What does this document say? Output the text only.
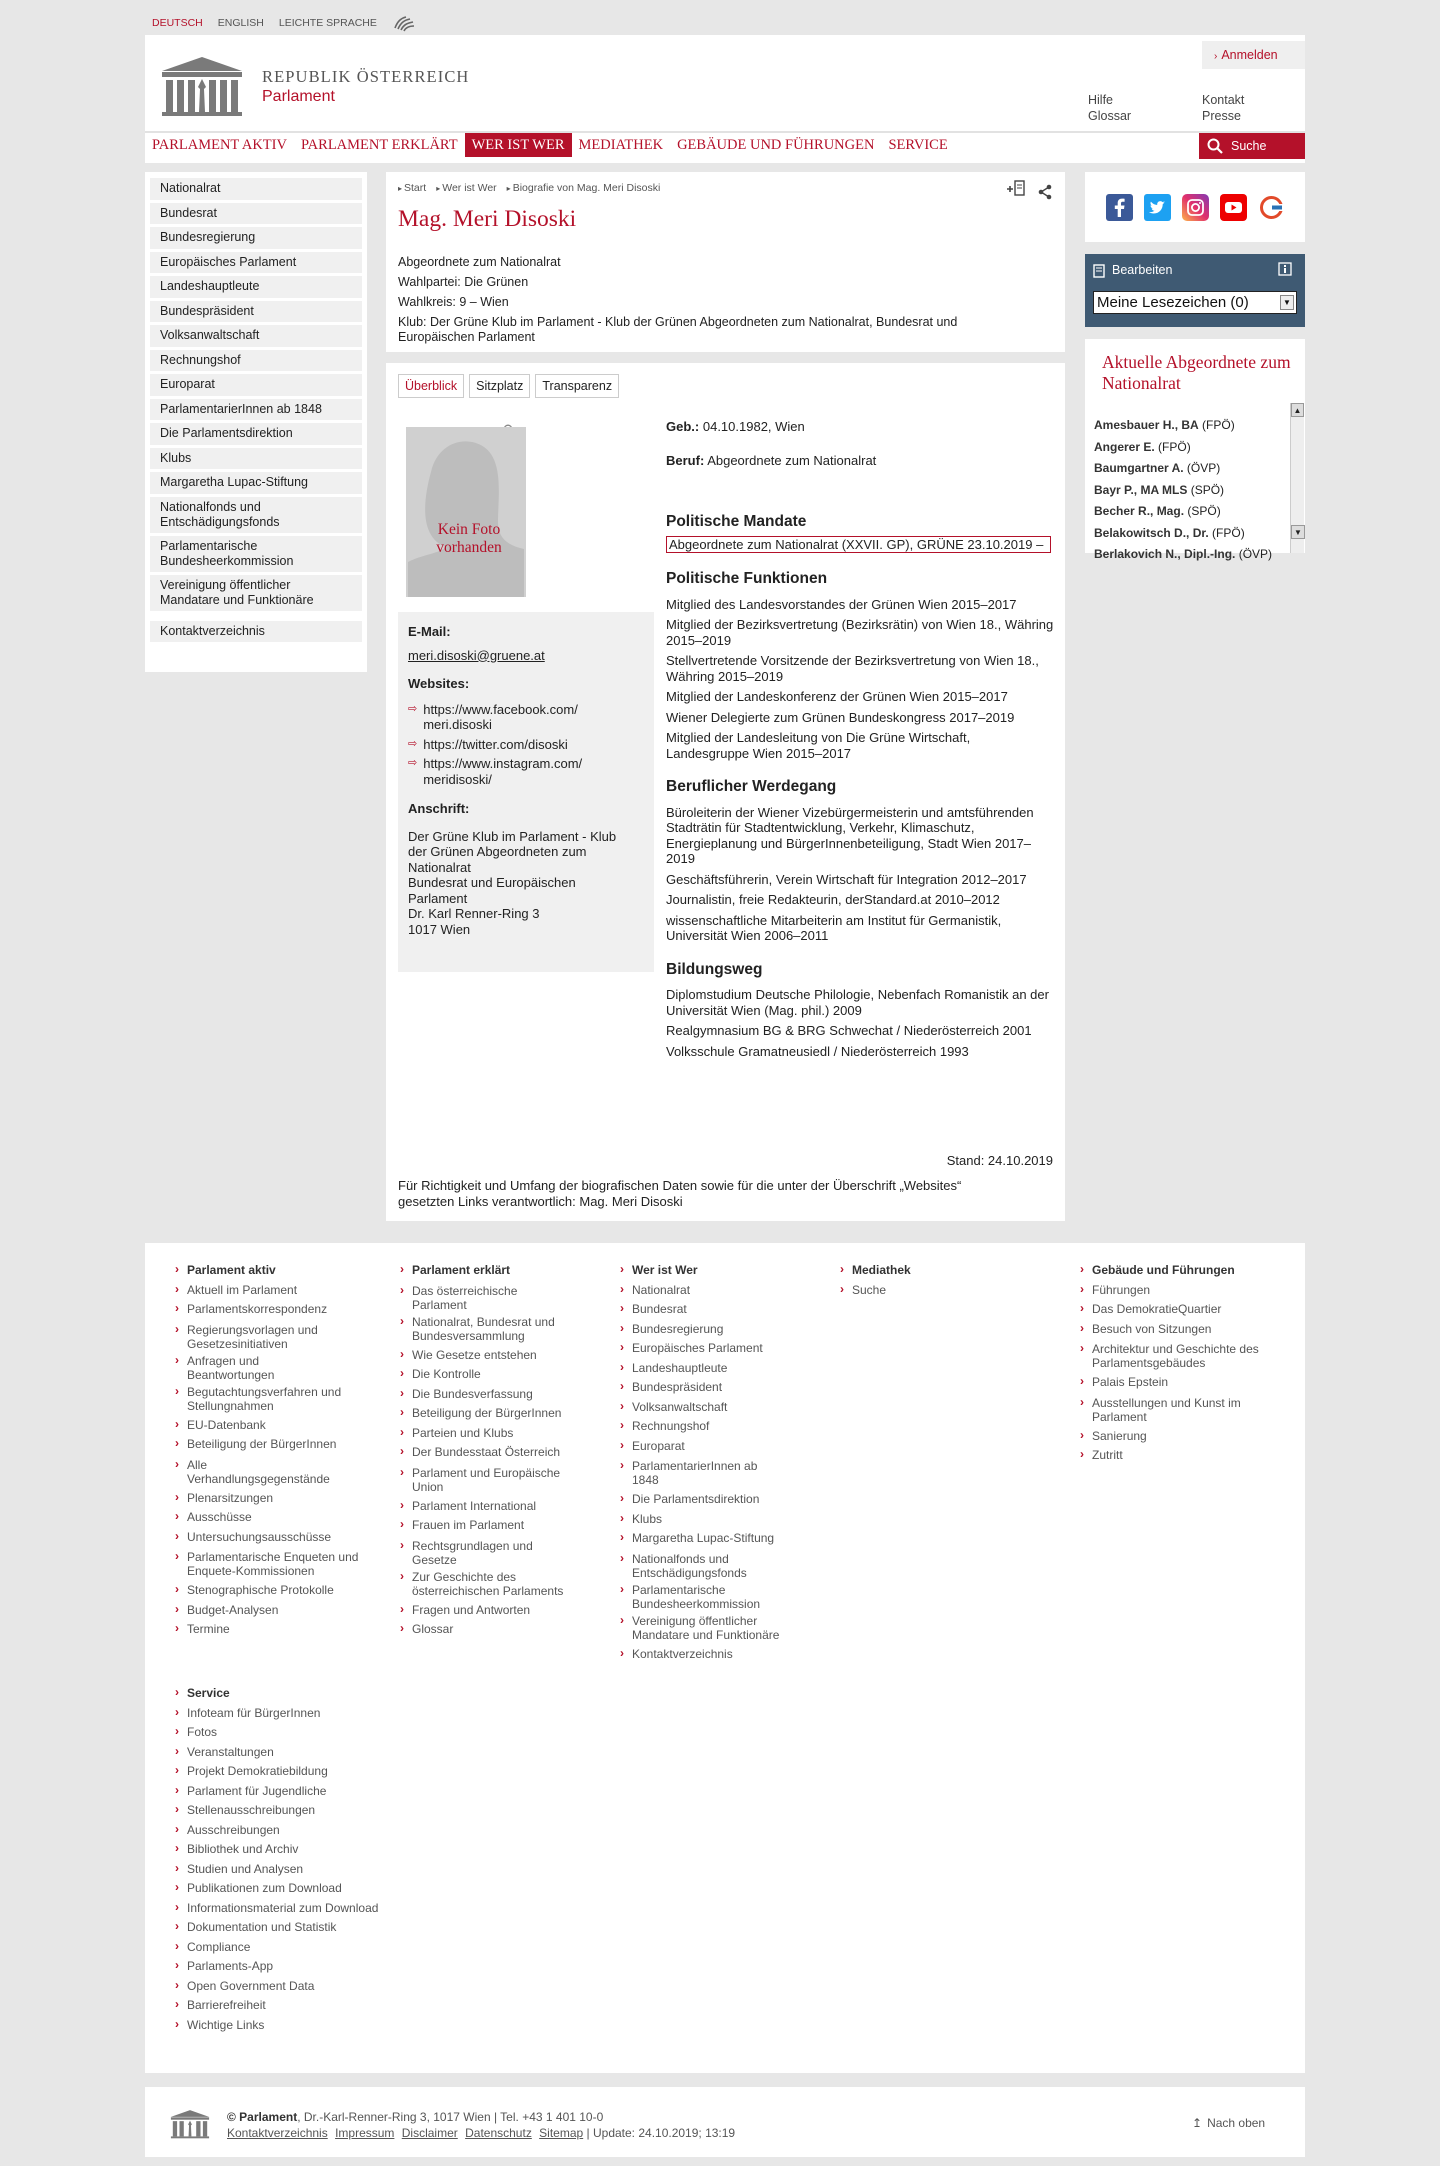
DEUTSCH ENGLISH LEICHTE SPRACHE
REPUBLIK ÖSTERREICH
Parlament
› Anmelden
Hilfe
Glossar
Kontakt
Presse
PARLAMENT AKTIV PARLAMENT ERKLÄRT WER IST WER MEDIATHEK GEBÄUDE UND FÜHRUNGEN SERVICE	Suche
Nationalrat
Bundesrat
Bundesregierung
Europäisches Parlament
Landeshauptleute
Bundespräsident
Volksanwaltschaft
Rechnungshof
Europarat
ParlamentarierInnen ab 1848
Die Parlamentsdirektion
Klubs
Margaretha Lupac-Stiftung
Nationalfonds und Entschädigungsfonds
Parlamentarische Bundesheerkommission
Vereinigung öffentlicher Mandatare und Funktionäre
Kontaktverzeichnis
▸ Start	▸ Wer ist Wer	▸ Biografie von Mag. Meri Disoski
Mag. Meri Disoski
Abgeordnete zum Nationalrat
Wahlpartei: Die Grünen
Wahlkreis: 9 – Wien
Klub: Der Grüne Klub im Parlament - Klub der Grünen Abgeordneten zum Nationalrat, Bundesrat und Europäischen Parlament
Überblick	Sitzplatz	Transparenz
Kein Foto vorhanden
E-Mail:
meri.disoski@gruene.at
Websites:
⇨ https://www.facebook.com/ meri.disoski
⇨ https://twitter.com/disoski
⇨ https://www.instagram.com/ meridisoski/
Anschrift:
Der Grüne Klub im Parlament - Klub der Grünen Abgeordneten zum Nationalrat
Bundesrat und Europäischen Parlament
Dr. Karl Renner-Ring 3
1017 Wien
Geb.: 04.10.1982, Wien
Beruf: Abgeordnete zum Nationalrat
Politische Mandate
Abgeordnete zum Nationalrat (XXVII. GP), GRÜNE 23.10.2019 –
Politische Funktionen
Mitglied des Landesvorstandes der Grünen Wien 2015–2017
Mitglied der Bezirksvertretung (Bezirksrätin) von Wien 18., Währing 2015–2019
Stellvertretende Vorsitzende der Bezirksvertretung von Wien 18., Währing 2015–2019
Mitglied der Landeskonferenz der Grünen Wien 2015–2017
Wiener Delegierte zum Grünen Bundeskongress 2017–2019
Mitglied der Landesleitung von Die Grüne Wirtschaft, Landesgruppe Wien 2015–2017
Beruflicher Werdegang
Büroleiterin der Wiener Vizebürgermeisterin und amtsführenden Stadträtin für Stadtentwicklung, Verkehr, Klimaschutz, Energieplanung und BürgerInnenbeteiligung, Stadt Wien 2017–2019
Geschäftsführerin, Verein Wirtschaft für Integration 2012–2017
Journalistin, freie Redakteurin, derStandard.at 2010–2012
wissenschaftliche Mitarbeiterin am Institut für Germanistik, Universität Wien 2006–2011
Bildungsweg
Diplomstudium Deutsche Philologie, Nebenfach Romanistik an der Universität Wien (Mag. phil.) 2009
Realgymnasium BG & BRG Schwechat / Niederösterreich 2001
Volksschule Gramatneusiedl / Niederösterreich 1993
Stand: 24.10.2019
Für Richtigkeit und Umfang der biografischen Daten sowie für die unter der Überschrift „Websites“ gesetzten Links verantwortlich: Mag. Meri Disoski
Bearbeiten
Meine Lesezeichen (0)	▼
Aktuelle Abgeordnete zum Nationalrat
Amesbauer H., BA (FPÖ)
Angerer E. (FPÖ)
Baumgartner A. (ÖVP)
Bayr P., MA MLS (SPÖ)
Becher R., Mag. (SPÖ)
Belakowitsch D., Dr. (FPÖ)
Berlakovich N., Dipl.-Ing. (ÖVP)
▲
▼
› Parlament aktiv
› Aktuell im Parlament
› Parlamentskorrespondenz
› Regierungsvorlagen und Gesetzesinitiativen
› Anfragen und Beantwortungen
› Begutachtungsverfahren und Stellungnahmen
› EU-Datenbank
› Beteiligung der BürgerInnen
› Alle Verhandlungsgegenstände
› Plenarsitzungen
› Ausschüsse
› Untersuchungsausschüsse
› Parlamentarische Enqueten und Enquete-Kommissionen
› Stenographische Protokolle
› Budget-Analysen
› Termine
› Parlament erklärt
› Das österreichische Parlament
› Nationalrat, Bundesrat und Bundesversammlung
› Wie Gesetze entstehen
› Die Kontrolle
› Die Bundesverfassung
› Beteiligung der BürgerInnen
› Parteien und Klubs
› Der Bundesstaat Österreich
› Parlament und Europäische Union
› Parlament International
› Frauen im Parlament
› Rechtsgrundlagen und Gesetze
› Zur Geschichte des österreichischen Parlaments
› Fragen und Antworten
› Glossar
› Wer ist Wer
› Nationalrat
› Bundesrat
› Bundesregierung
› Europäisches Parlament
› Landeshauptleute
› Bundespräsident
› Volksanwaltschaft
› Rechnungshof
› Europarat
› ParlamentarierInnen ab 1848
› Die Parlamentsdirektion
› Klubs
› Margaretha Lupac-Stiftung
› Nationalfonds und Entschädigungsfonds
› Parlamentarische Bundesheerkommission
› Vereinigung öffentlicher Mandatare und Funktionäre
› Kontaktverzeichnis
› Mediathek
› Suche
› Gebäude und Führungen
› Führungen
› Das DemokratieQuartier
› Besuch von Sitzungen
› Architektur und Geschichte des Parlamentsgebäudes
› Palais Epstein
› Ausstellungen und Kunst im Parlament
› Sanierung
› Zutritt
› Service
› Infoteam für BürgerInnen
› Fotos
› Veranstaltungen
› Projekt Demokratiebildung
› Parlament für Jugendliche
› Stellenausschreibungen
› Ausschreibungen
› Bibliothek und Archiv
› Studien und Analysen
› Publikationen zum Download
› Informationsmaterial zum Download
› Dokumentation und Statistik
› Compliance
› Parlaments-App
› Open Government Data
› Barrierefreiheit
› Wichtige Links
© Parlament, Dr.-Karl-Renner-Ring 3, 1017 Wien | Tel. +43 1 401 10-0
Kontaktverzeichnis Impressum Disclaimer Datenschutz Sitemap | Update: 24.10.2019; 13:19
↥ Nach oben
